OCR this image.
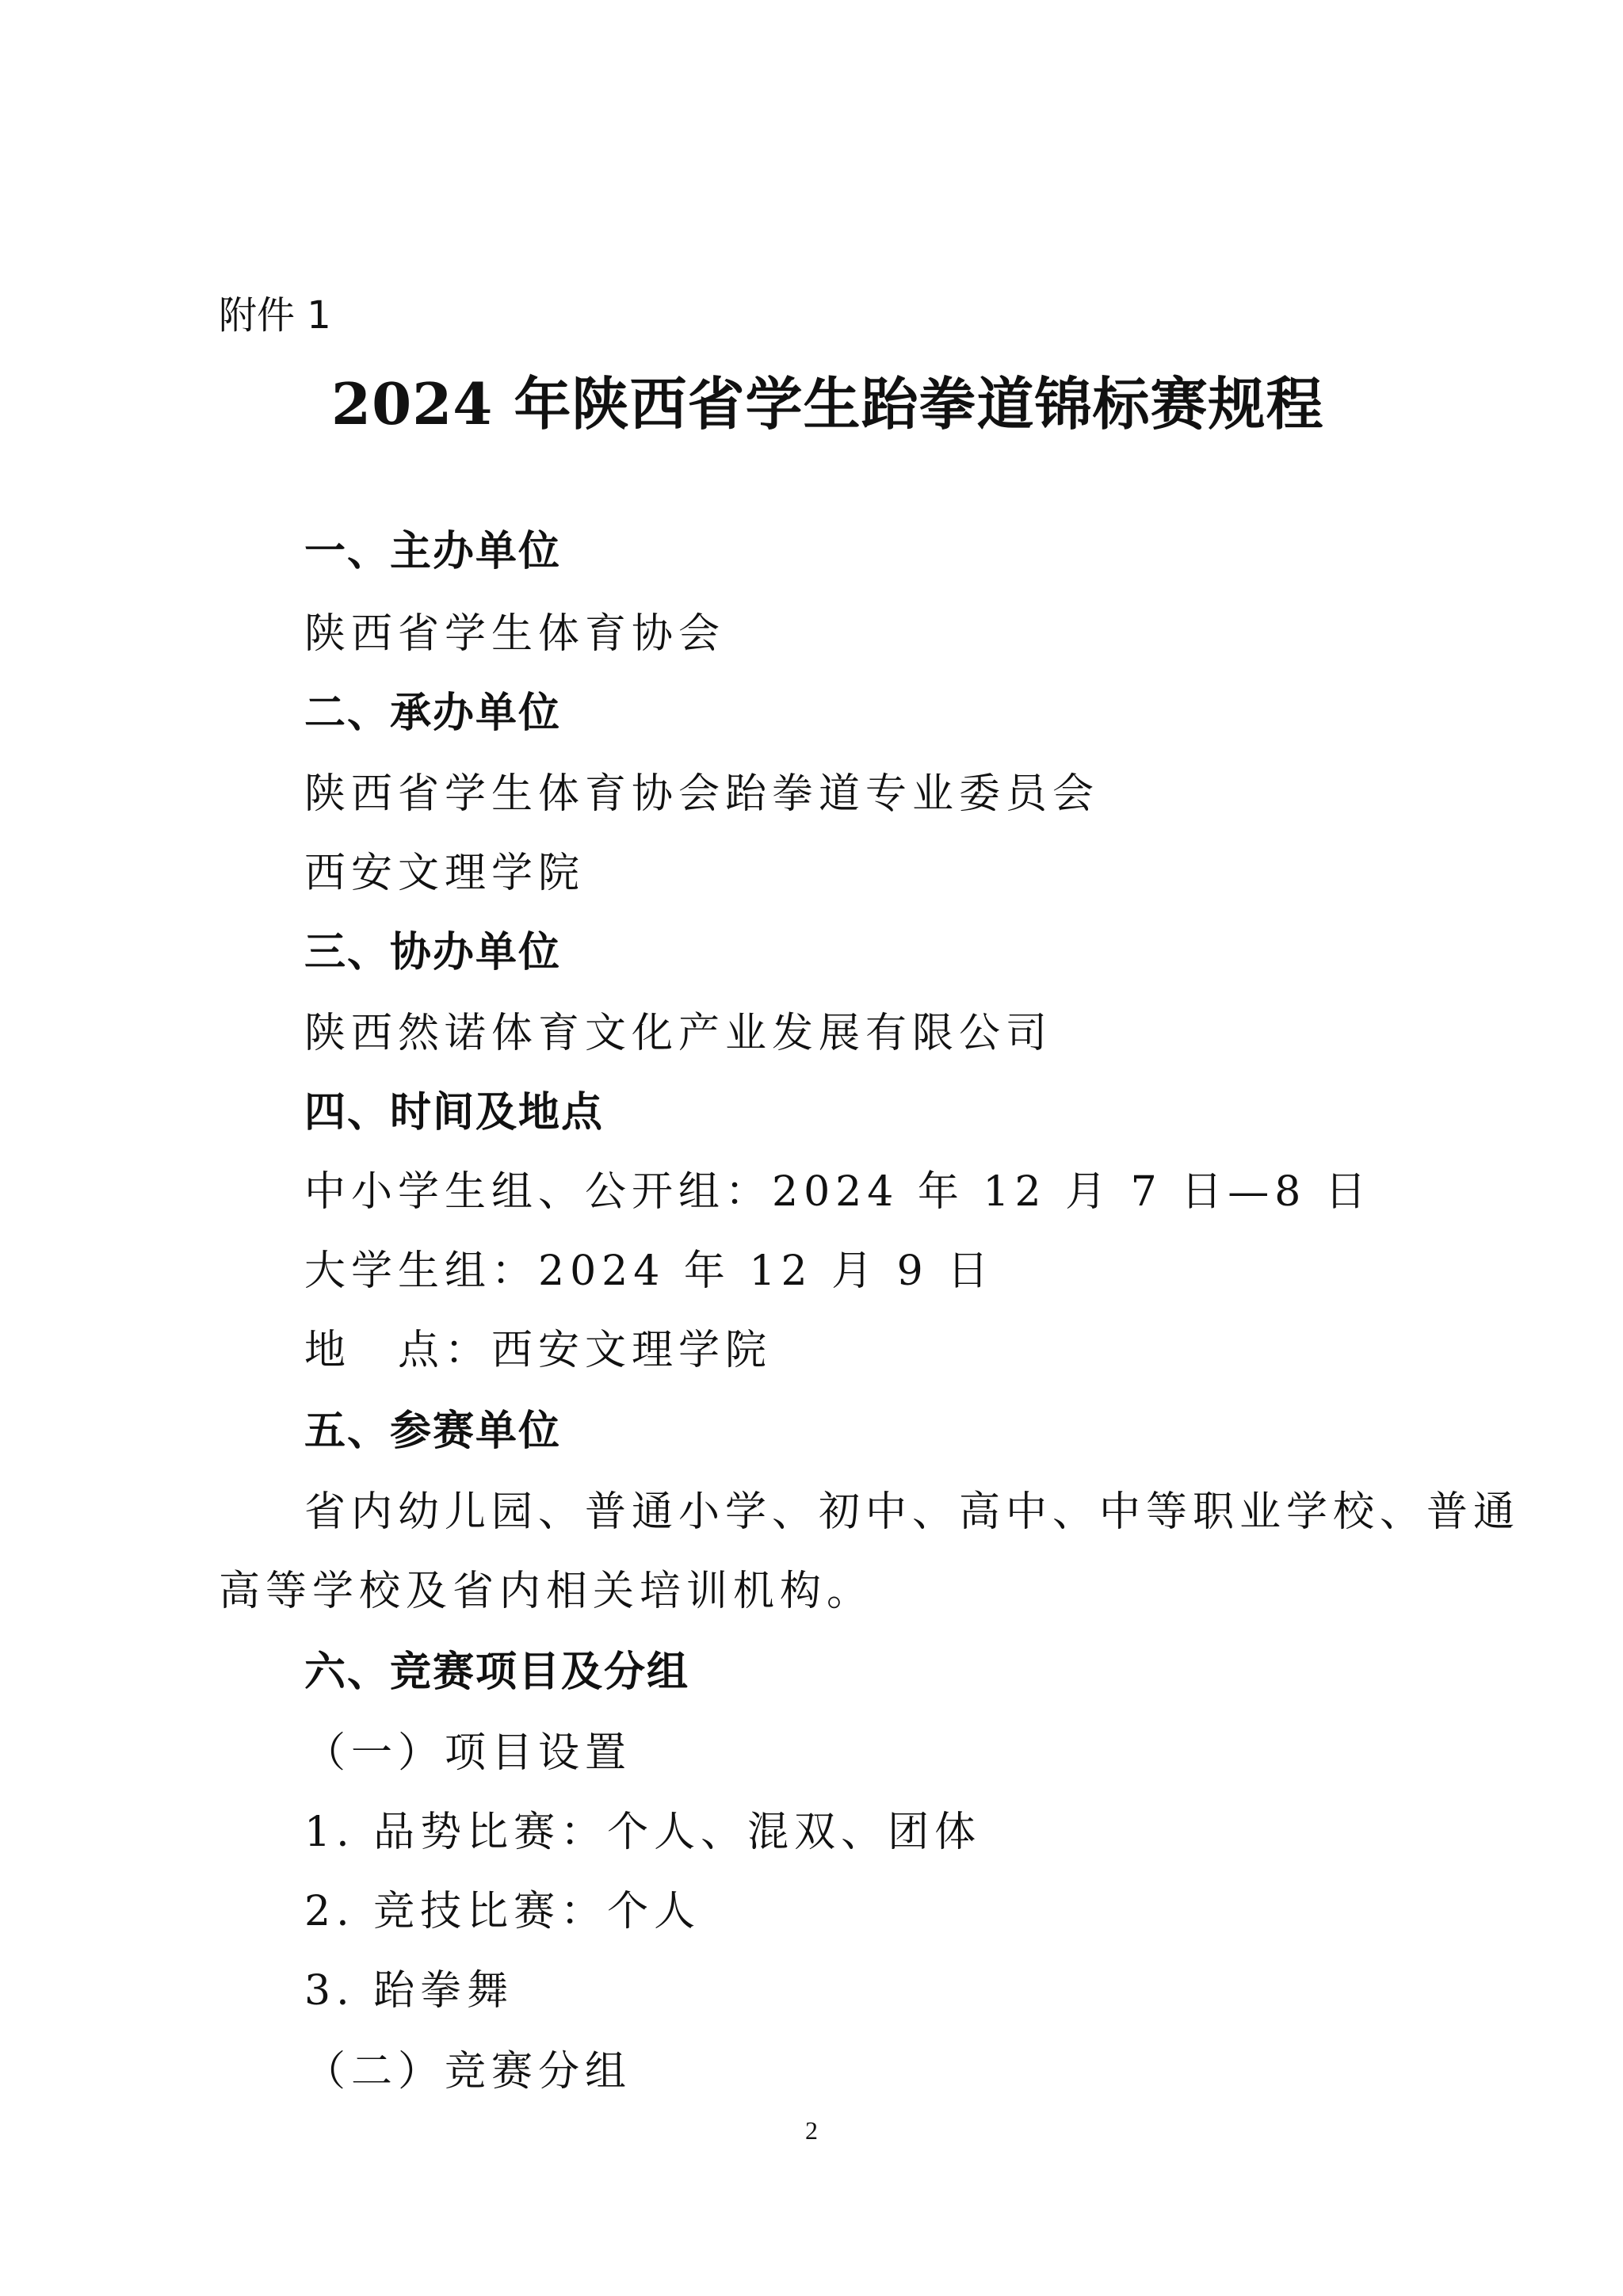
附件 1
2024 年陕西省学生跆拳道锦标赛规程
一、主办单位
陕西省学生体育协会
二、承办单位
陕西省学生体育协会跆拳道专业委员会
西安文理学院
三、协办单位
陕西然诺体育文化产业发展有限公司
四、时间及地点
中小学生组、公开组：2024 年 12 月 7 日—8 日
大学生组：2024 年 12 月 9 日
地　点：西安文理学院
五、参赛单位
省内幼儿园、普通小学、初中、高中、中等职业学校、普通
高等学校及省内相关培训机构。
六、竞赛项目及分组
（一）项目设置
1. 品势比赛：个人、混双、团体
2. 竞技比赛：个人
3. 跆拳舞
（二）竞赛分组
2
